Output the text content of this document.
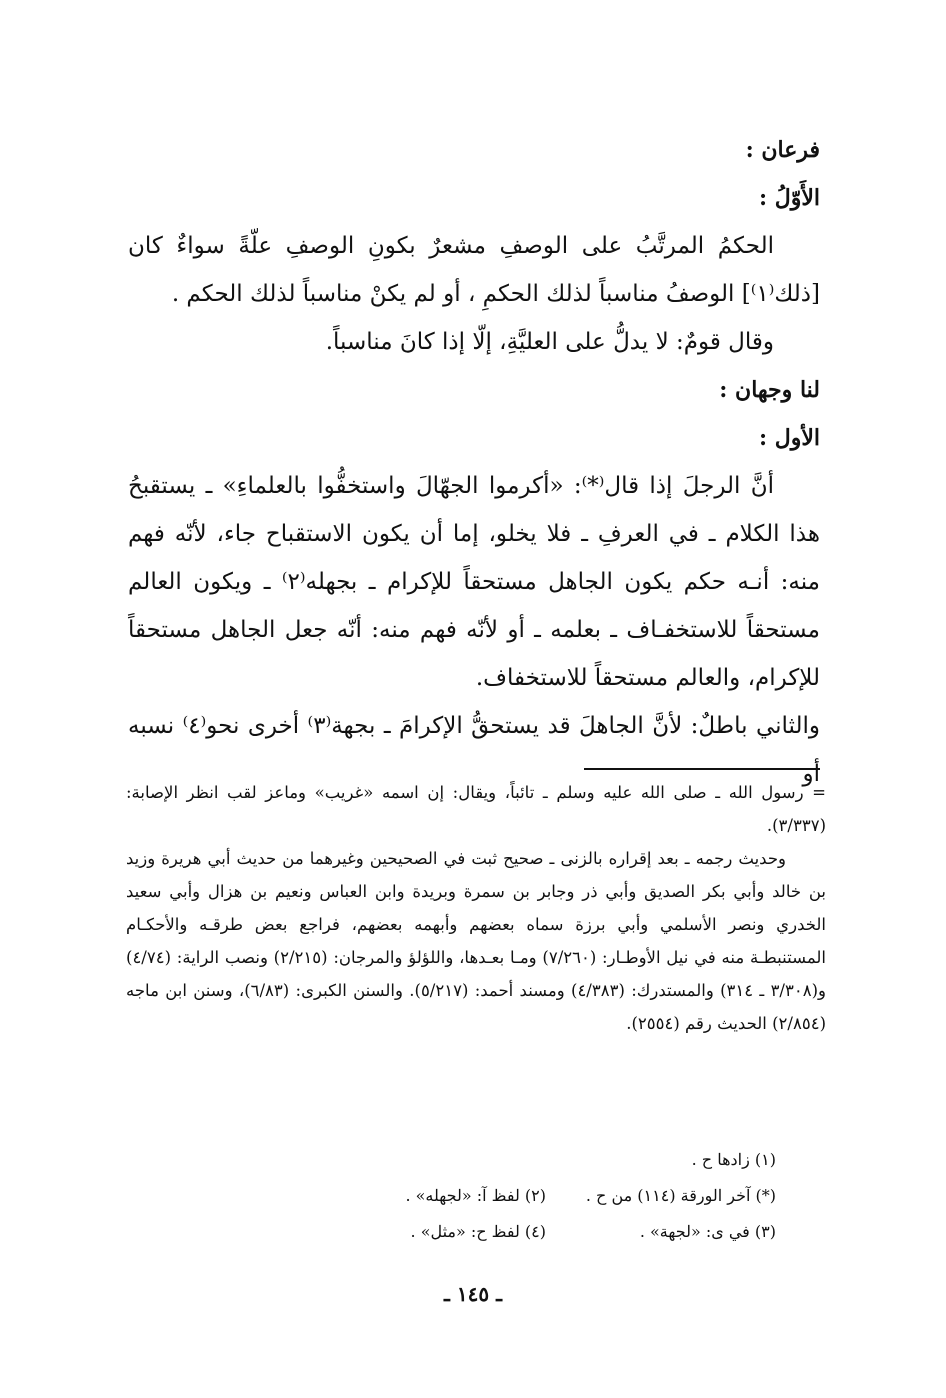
فرعان :

الأَوّلُ :

الحكمُ المرتَّبُ على الوصفِ مشعرٌ بكونِ الوصفِ علّةً سواءٌ كان [ذلك⁽١⁾] الوصفُ مناسباً لذلك الحكمِ ، أو لم يكنْ مناسباً لذلك الحكم .

وقال قومٌ: لا يدلُّ على العليَّةِ، إلّا إذا كانَ مناسباً.

لنا وجهان :

الأول :

أنَّ الرجلَ إذا قال⁽*⁾: «أكرموا الجهّالَ واستخفُّوا بالعلماءِ» ـ يستقبحُ هذا الكلام ـ في العرفِ ـ فلا يخلو، إما أن يكون الاستقباح جاء، لأنّه فهم منه: أنـه حكم يكون الجاهل مستحقاً للإكرام ـ بجهله⁽٢⁾ ـ ويكون العالم مستحقاً للاستخفـاف ـ بعلمه ـ أو لأنّه فهم منه: أنّه جعل الجاهل مستحقاً للإكرام، والعالم مستحقاً للاستخفاف.

والثاني باطلٌ: لأنَّ الجاهلَ قد يستحقُّ الإكرامَ ـ بجهة⁽٣⁾ أخرى نحو⁽٤⁾ نسبه أو

= رسول الله ـ صلى الله عليه وسلم ـ تائباً، ويقال: إن اسمه «غريب» وماعز لقب انظر الإصابة: (٣/٣٣٧).

وحديث رجمه ـ بعد إقراره بالزنى ـ صحيح ثبت في الصحيحين وغيرهما من حديث أبي هريرة وزيد بن خالد وأبي بكر الصديق وأبي ذر وجابر بن سمرة وبريدة وابن العباس ونعيم بن هزال وأبي سعيد الخدري ونصر الأسلمي وأبي برزة سماه بعضهم وأبهمه بعضهم، فراجع بعض طرقـه والأحكـام المستنبطـة منه في نيل الأوطـار: (٧/٢٦٠) ومـا بعـدها، واللؤلؤ والمرجان: (٢/٢١٥) ونصب الراية: (٤/٧٤) و(٣/٣٠٨ ـ ٣١٤) والمستدرك: (٤/٣٨٣) ومسند أحمد: (٥/٢١٧). والسنن الكبرى: (٦/٨٣)، وسنن ابن ماجه (٢/٨٥٤) الحديث رقم (٢٥٥٤).

(١) زادها ح .
(*) آخر الورقة (١١٤) من ح .
(٢) لفظ آ: «لجهله» .
(٣) في ى: «لجهة» .
(٤) لفظ ح: «مثل» .
ـ ١٤٥ ـ
